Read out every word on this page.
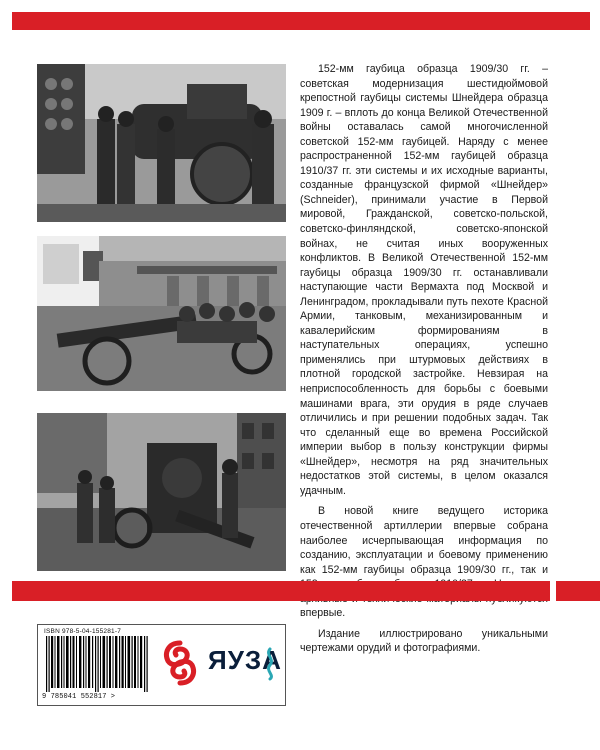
152-мм гаубица образца 1909/30 гг. – советская модернизация шестидюймовой крепостной гаубицы системы Шнейдера образца 1909 г. – вплоть до конца Великой Отечественной войны оставалась самой многочисленной советской 152-мм гаубицей. Наряду с менее распространенной 152-мм гаубицей образца 1910/37 гг. эти системы и их исходные варианты, созданные французской фирмой «Шнейдер» (Schneider), принимали участие в Первой мировой, Гражданской, советско-польской, советско-финляндской, советско-японской войнах, не считая иных вооруженных конфликтов. В Великой Отечественной 152-мм гаубицы образца 1909/30 гг. останавливали наступающие части Вермахта под Москвой и Ленинградом, прокладывали путь пехоте Красной Армии, танковым, механизированным и кавалерийским формированиям в наступательных операциях, успешно применялись при штурмовых действиях в плотной городской застройке. Невзирая на неприспособленность для борьбы с боевыми машинами врага, эти орудия в ряде случаев отличились и при решении подобных задач. Так что сделанный еще во времена Российской империи выбор в пользу конструкции фирмы «Шнейдер», несмотря на ряд значительных недостатков этой системы, в целом оказался удачным.

В новой книге ведущего историка отечественной артиллерии впервые собрана наиболее исчерпывающая информация по созданию, эксплуатации и боевому применению как 152-мм гаубицы образца 1909/30 гг., так и впервые.

Издание иллюстрировано уникальными чертежами орудий и фотографиями.

ISBN 978-5-04-155281-7
9 785041 552817 >
ЯУЗА
